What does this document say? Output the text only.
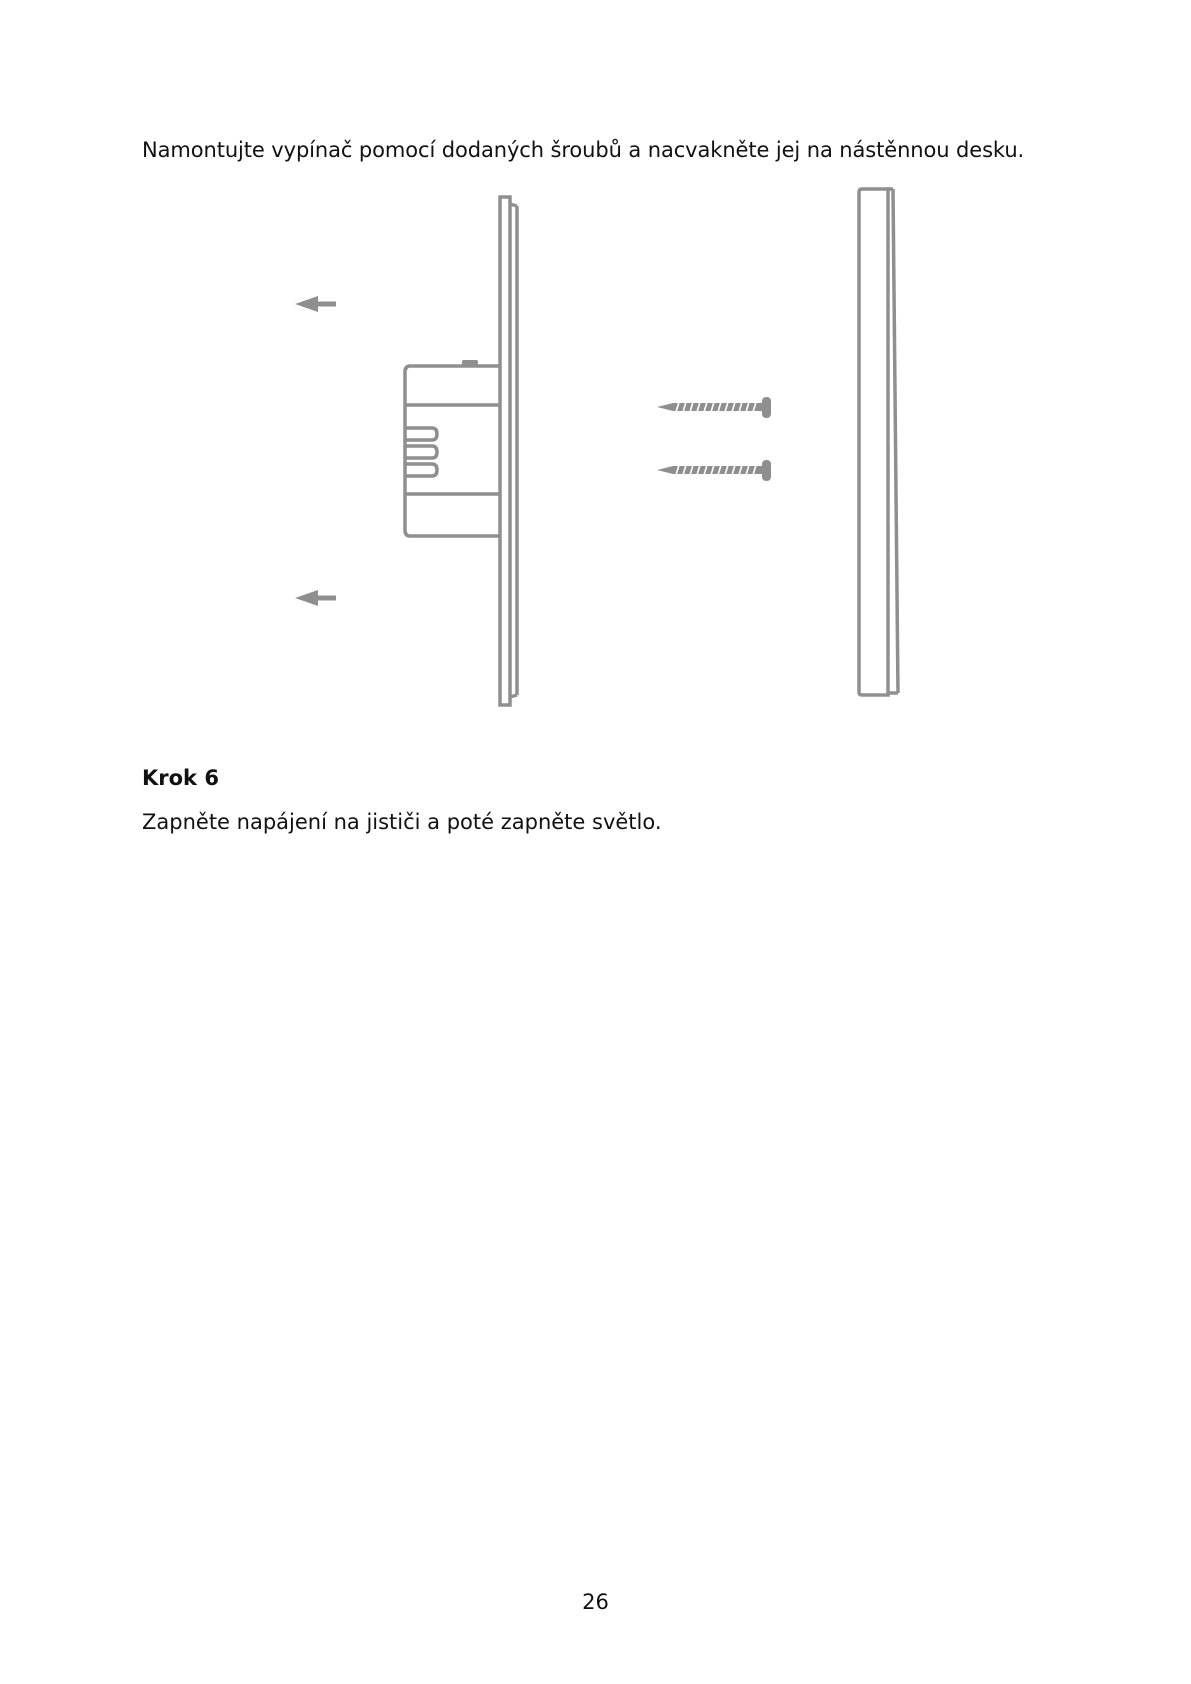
Namontujte vypínač pomocí dodaných šroubů a nacvakněte jej na nástěnnou desku.
Krok 6
Zapněte napájení na jističi a poté zapněte světlo.
26
